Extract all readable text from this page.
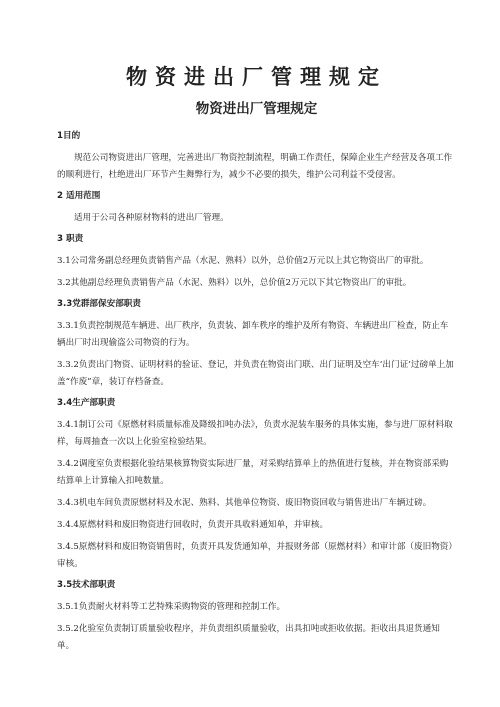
物资进出厂管理规定
物资进出厂管理规定
1目的
规范公司物资进出厂管理，完善进出厂物资控制流程，明确工作责任，保障企业生产经营及各项工作的顺利进行，杜绝进出厂环节产生舞弊行为，减少不必要的损失，维护公司利益不受侵害。
2 适用范围
适用于公司各种原材物料的进出厂管理。
3 职责
3.1公司常务副总经理负责销售产品（水泥、熟料）以外，总价值2万元以上其它物资出厂的审批。
3.2其他副总经理负责销售产品（水泥、熟料）以外，总价值2万元以下其它物资出厂的审批。
3.3党群部保安部职责
3.3.1负责控制规范车辆进、出厂秩序，负责装、卸车秩序的维护及所有物资、车辆进出厂检查，防止车辆出厂时出现偷盗公司物资的行为。
3.3.2负责出门物资、证明材料的验证、登记，并负责在物资出门联、出门证明及空车‘出门证’过磅单上加盖“作废”章，装订存档备查。
3.4生产部职责
3.4.1制订公司《原燃材料质量标准及降级扣吨办法》，负责水泥装车服务的具体实施，参与进厂原材料取样，每周抽查一次以上化验室检验结果。
3.4.2调度室负责根据化验结果核算物资实际进厂量，对采购结算单上的热值进行复核，并在物资部采购结算单上计算输入扣吨数量。
3.4.3机电车间负责原燃材料及水泥、熟料、其他单位物资、废旧物资回收与销售进出厂车辆过磅。
3.4.4原燃材料和废旧物资进行回收时，负责开具收料通知单，并审核。
3.4.5原燃材料和废旧物资销售时，负责开具发货通知单，并报财务部（原燃材料）和审计部（废旧物资）审核。
3.5技术部职责
3.5.1负责耐火材料等工艺特殊采购物资的管理和控制工作。
3.5.2化验室负责制订质量验收程序，并负责组织质量验收，出具扣吨或拒收依据。拒收出具退货通知单。
